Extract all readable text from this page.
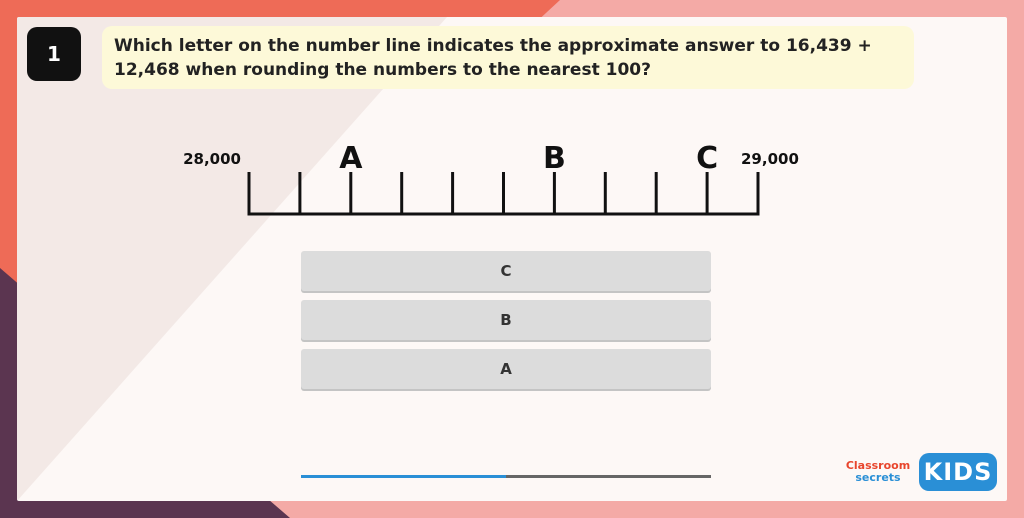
1	Which letter on the number line indicates the approximate answer to 16,439 + 12,468 when rounding the numbers to the nearest 100?
28,000	29,000
A	B	C
C
B
A
Classroom
secrets KIDS
